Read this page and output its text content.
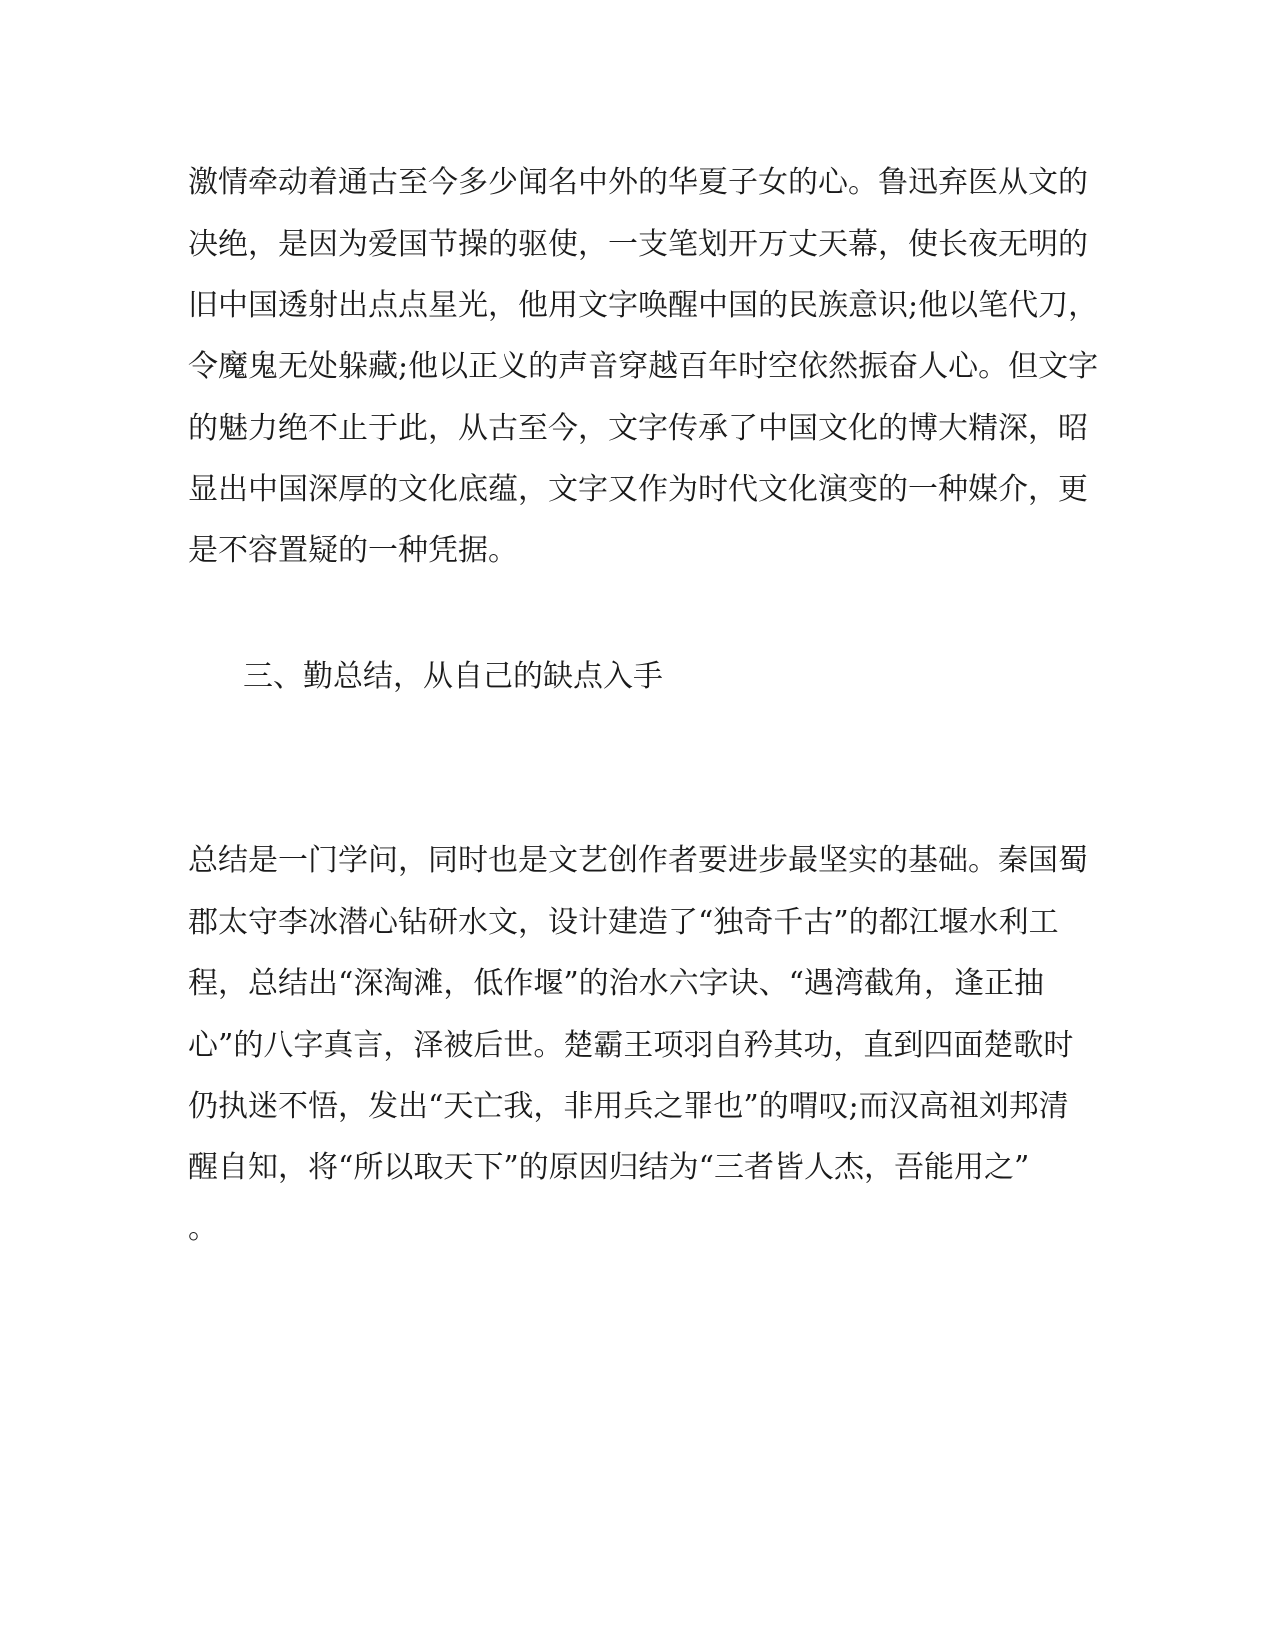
激情牵动着通古至今多少闻名中外的华夏子女的心。鲁迅弃医从文的
决绝，是因为爱国节操的驱使，一支笔划开万丈天幕，使长夜无明的
旧中国透射出点点星光，他用文字唤醒中国的民族意识;他以笔代刀，
令魔鬼无处躲藏;他以正义的声音穿越百年时空依然振奋人心。但文字
的魅力绝不止于此，从古至今，文字传承了中国文化的博大精深，昭
显出中国深厚的文化底蕴，文字又作为时代文化演变的一种媒介，更
是不容置疑的一种凭据。
三、勤总结，从自己的缺点入手
总结是一门学问，同时也是文艺创作者要进步最坚实的基础。秦国蜀
郡太守李冰潜心钻研水文，设计建造了“独奇千古”的都江堰水利工
程，总结出“深淘滩，低作堰”的治水六字诀、“遇湾截角，逢正抽
心”的八字真言，泽被后世。楚霸王项羽自矜其功，直到四面楚歌时
仍执迷不悟，发出“天亡我，非用兵之罪也”的喟叹;而汉高祖刘邦清
醒自知，将“所以取天下”的原因归结为“三者皆人杰，吾能用之”
。
